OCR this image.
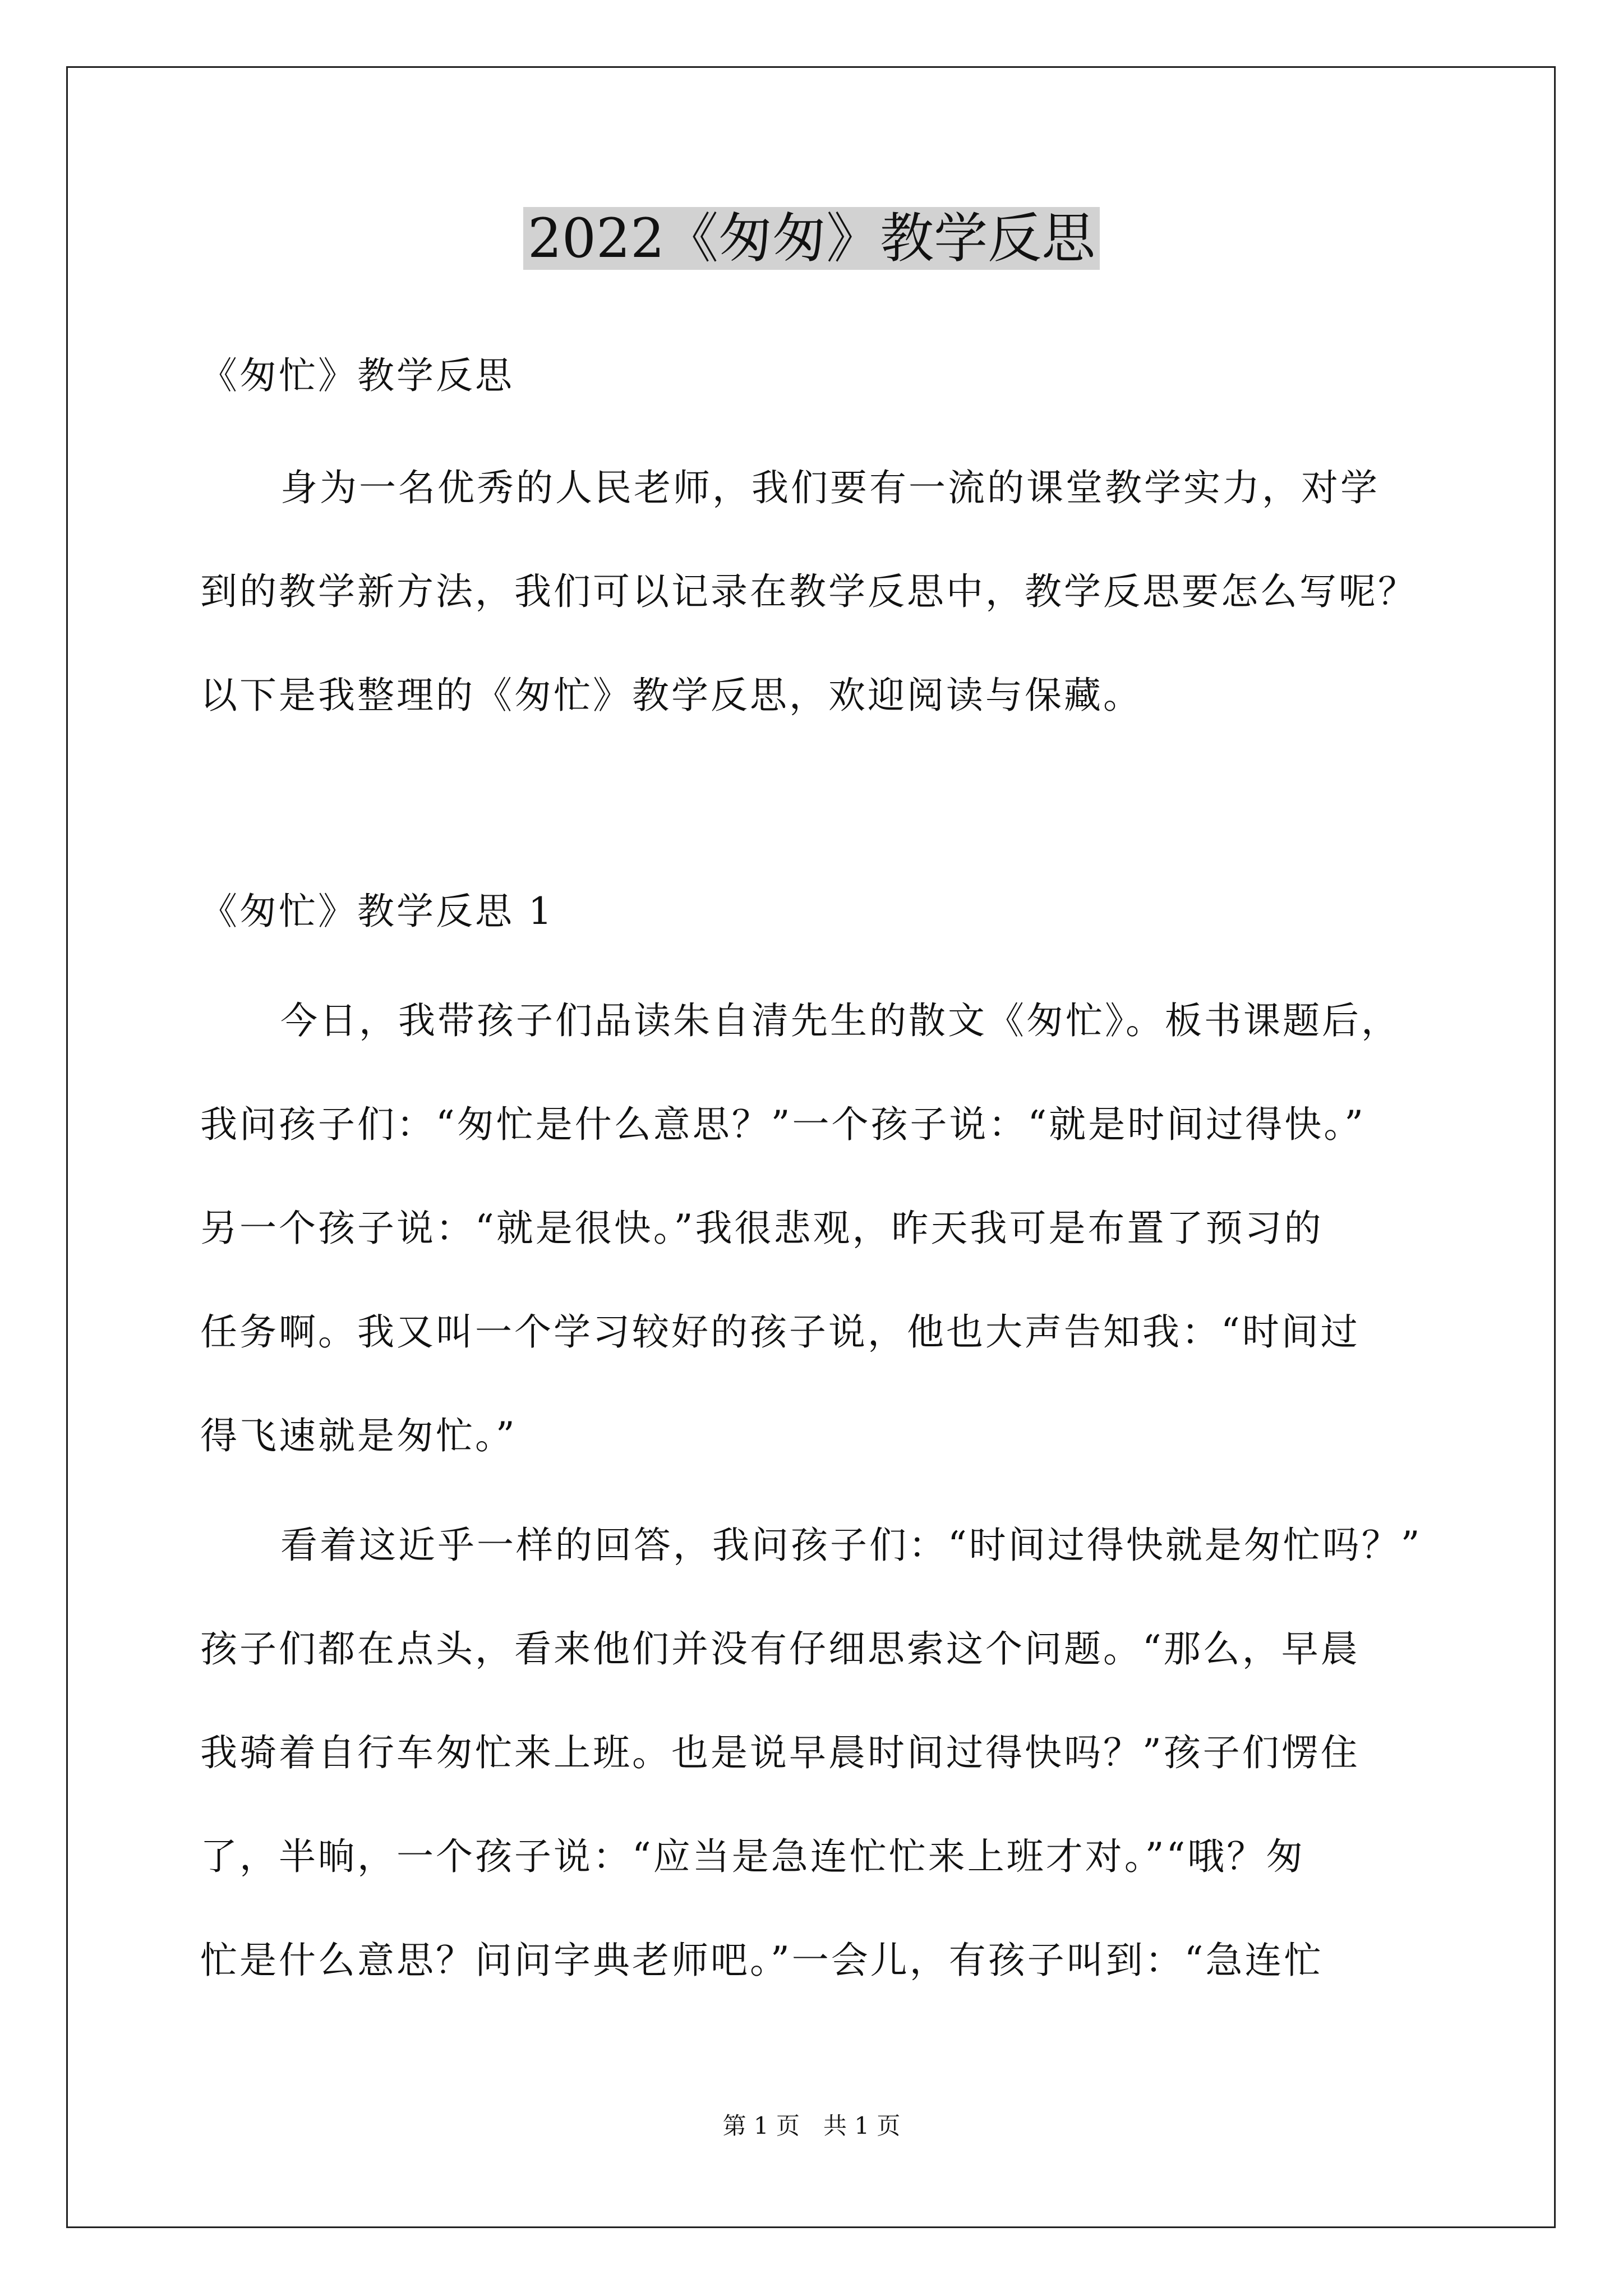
2022《匆匆》教学反思
《匆忙》教学反思
身为一名优秀的人民老师，我们要有一流的课堂教学实力，对学
到的教学新方法，我们可以记录在教学反思中，教学反思要怎么写呢？
以下是我整理的《匆忙》教学反思，欢迎阅读与保藏。
《匆忙》教学反思 1
今日，我带孩子们品读朱自清先生的散文《匆忙》。板书课题后，
我问孩子们：“匆忙是什么意思？”一个孩子说：“就是时间过得快。”
另一个孩子说：“就是很快。”我很悲观，昨天我可是布置了预习的
任务啊。我又叫一个学习较好的孩子说，他也大声告知我：“时间过
得飞速就是匆忙。”
看着这近乎一样的回答，我问孩子们：“时间过得快就是匆忙吗？”
孩子们都在点头，看来他们并没有仔细思索这个问题。“那么，早晨
我骑着自行车匆忙来上班。也是说早晨时间过得快吗？”孩子们愣住
了，半晌，一个孩子说：“应当是急连忙忙来上班才对。”“哦？匆
忙是什么意思？问问字典老师吧。”一会儿，有孩子叫到：“急连忙
第 1 页　共 1 页
